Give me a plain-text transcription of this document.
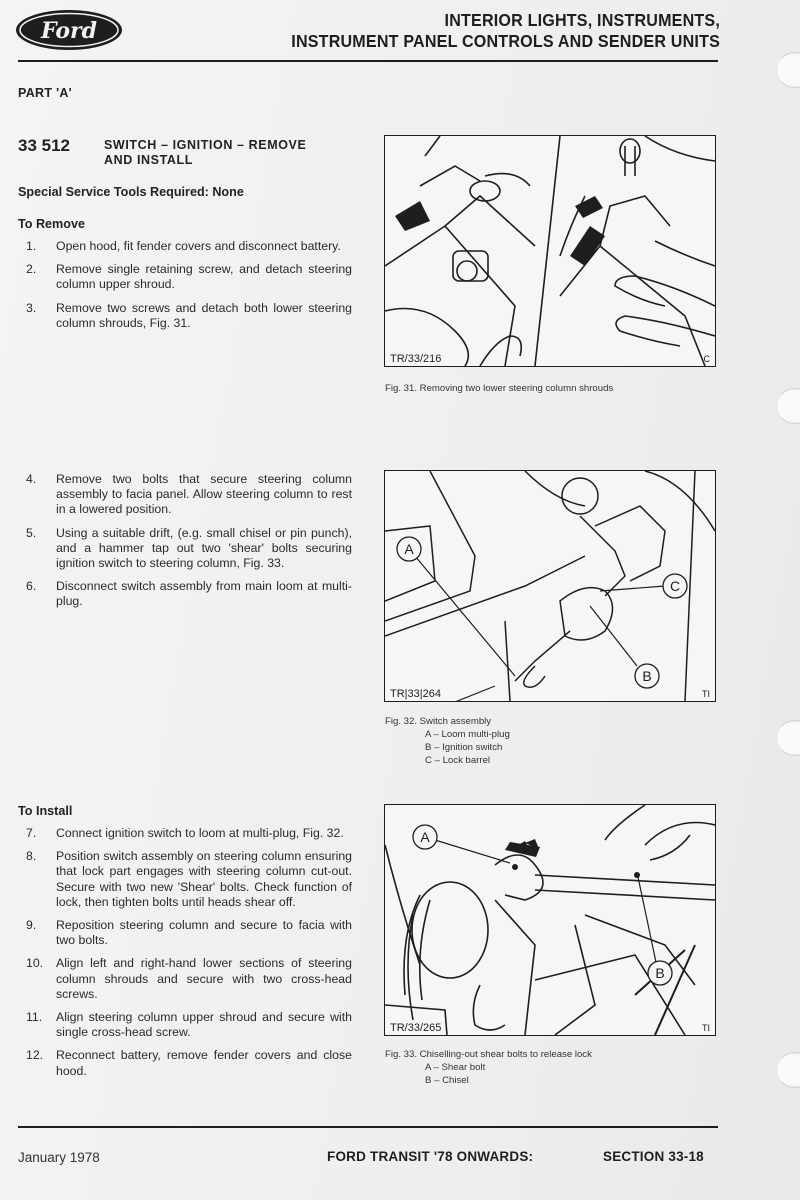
Ford	INTERIOR LIGHTS, INSTRUMENTS,
INSTRUMENT PANEL CONTROLS AND SENDER UNITS
PART 'A'
33 512	SWITCH – IGNITION – REMOVE
AND INSTALL
Special Service Tools Required: None
To Remove
1.	Open hood, fit fender covers and disconnect battery.
2.	Remove single retaining screw, and detach steering column upper shroud.
3.	Remove two screws and detach both lower steering column shrouds, Fig. 31.
4.	Remove two bolts that secure steering column assembly to facia panel. Allow steering column to rest in a lowered position.
5.	Using a suitable drift, (e.g. small chisel or pin punch), and a hammer tap out two 'shear' bolts securing ignition switch to steering column, Fig. 33.
6.	Disconnect switch assembly from main loom at multi-plug.
To Install
7.	Connect ignition switch to loom at multi-plug, Fig. 32.
8.	Position switch assembly on steering column ensuring that lock part engages with steering column cut-out. Secure with two new 'Shear' bolts. Check function of lock, then tighten bolts until heads shear off.
9.	Reposition steering column and secure to facia with two bolts.
10.	Align left and right-hand lower sections of steering column shrouds and secure with two cross-head screws.
11.	Align steering column upper shroud and secure with single cross-head screw.
12.	Reconnect battery, remove fender covers and close hood.
TR/33/216	C
Fig. 31. Removing two lower steering column shrouds
A
B
C
TR|33|264	TI
Fig. 32. Switch assembly
A – Loom multi-plug
B – Ignition switch
C – Lock barrel
A
B
TR/33/265	TI
Fig. 33. Chiselling-out shear bolts to release lock
A – Shear bolt
B – Chisel
January 1978	FORD TRANSIT '78 ONWARDS:	SECTION 33-18
